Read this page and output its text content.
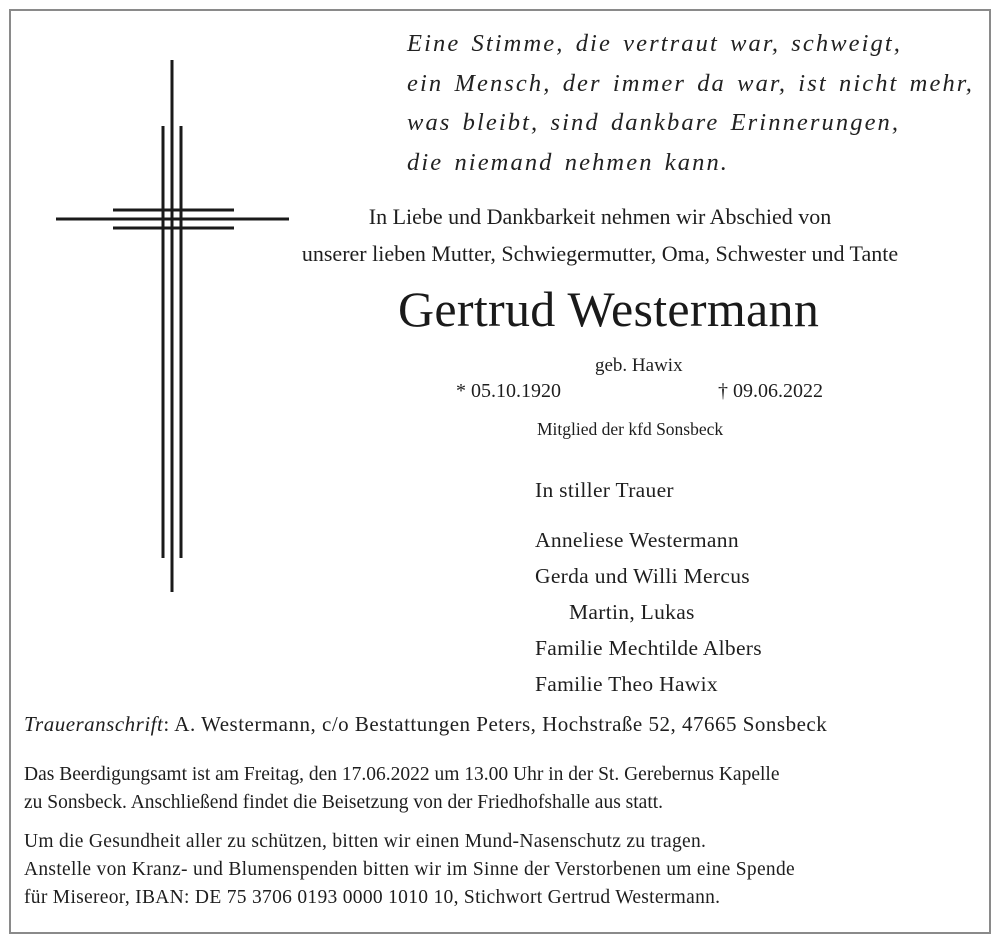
Eine Stimme, die vertraut war, schweigt,
ein Mensch, der immer da war, ist nicht mehr,
was bleibt, sind dankbare Erinnerungen,
die niemand nehmen kann.
In Liebe und Dankbarkeit nehmen wir Abschied von
unserer lieben Mutter, Schwiegermutter, Oma, Schwester und Tante
Gertrud Westermann
geb. Hawix
* 05.10.1920	† 09.06.2022
Mitglied der kfd Sonsbeck
In stiller Trauer
Anneliese Westermann
Gerda und Willi Mercus
Martin, Lukas
Familie Mechtilde Albers
Familie Theo Hawix
Traueranschrift: A. Westermann, c/o Bestattungen Peters, Hochstraße 52, 47665 Sonsbeck
Das Beerdigungsamt ist am Freitag, den 17.06.2022 um 13.00 Uhr in der St. Gerebernus Kapelle
zu Sonsbeck. Anschließend findet die Beisetzung von der Friedhofshalle aus statt.
Um die Gesundheit aller zu schützen, bitten wir einen Mund-Nasenschutz zu tragen.
Anstelle von Kranz- und Blumenspenden bitten wir im Sinne der Verstorbenen um eine Spende
für Misereor, IBAN: DE 75 3706 0193 0000 1010 10, Stichwort Gertrud Westermann.
